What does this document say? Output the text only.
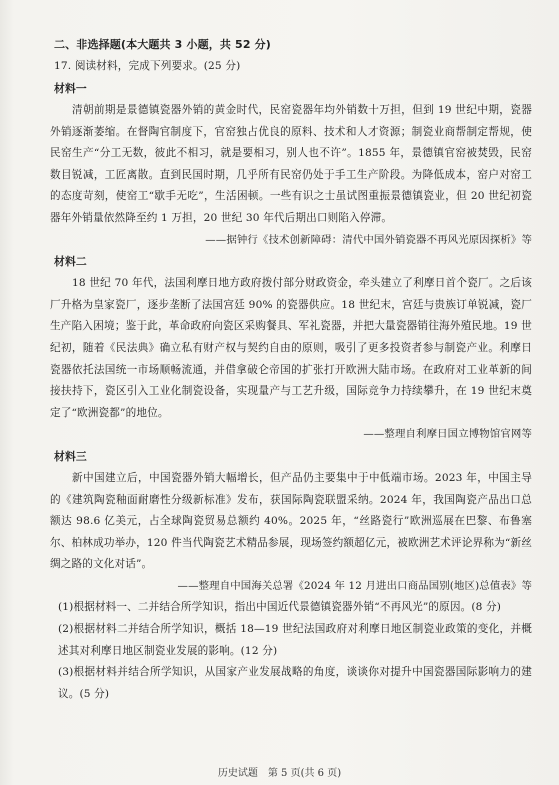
二、非选择题(本大题共 3 小题，共 52 分)
17. 阅读材料，完成下列要求。(25 分)
材料一

清朝前期是景德镇瓷器外销的黄金时代，民窑瓷器年均外销数十万担，但到 19 世纪中期，瓷器外销逐渐萎缩。在督陶官制度下，官窑独占优良的原料、技术和人才资源；制瓷业商帮制定帮规，使民窑生产“分工无数，彼此不相习，就是要相习，别人也不许”。1855 年，景德镇官窑被焚毁，民窑数目锐减，工匠离散。直到民国时期，几乎所有民窑仍处于手工生产阶段。为降低成本，窑户对窑工的态度苛刻，使窑工“歇手无吃”，生活困顿。一些有识之士虽试图重振景德镇瓷业，但 20 世纪初瓷器年外销量依然降至约 1 万担，20 世纪 30 年代后期出口则陷入停滞。

——据钟行《技术创新障碍：清代中国外销瓷器不再风光原因探析》等

材料二

18 世纪 70 年代，法国利摩日地方政府拨付部分财政资金，牵头建立了利摩日首个瓷厂。之后该厂升格为皇家瓷厂，逐步垄断了法国宫廷 90% 的瓷器供应。18 世纪末，宫廷与贵族订单锐减，瓷厂生产陷入困境；鉴于此，革命政府向瓷区采购餐具、军礼瓷器，并把大量瓷器销往海外殖民地。19 世纪初，随着《民法典》确立私有财产权与契约自由的原则，吸引了更多投资者参与制瓷产业。利摩日瓷器依托法国统一市场顺畅流通，并借拿破仑帝国的扩张打开欧洲大陆市场。在政府对工业革新的间接扶持下，瓷区引入工业化制瓷设备，实现量产与工艺升级，国际竞争力持续攀升，在 19 世纪末奠定了“欧洲瓷都”的地位。

——整理自利摩日国立博物馆官网等

材料三

新中国建立后，中国瓷器外销大幅增长，但产品仍主要集中于中低端市场。2023 年，中国主导的《建筑陶瓷釉面耐磨性分级新标准》发布，获国际陶瓷联盟采纳。2024 年，我国陶瓷产品出口总额达 98.6 亿美元，占全球陶瓷贸易总额约 40%。2025 年，“丝路瓷行”欧洲巡展在巴黎、布鲁塞尔、柏林成功举办，120 件当代陶瓷艺术精品参展，现场签约额超亿元，被欧洲艺术评论界称为“新丝绸之路的文化对话”。

——整理自中国海关总署《2024 年 12 月进出口商品国别(地区)总值表》等

(1)根据材料一、二并结合所学知识，指出中国近代景德镇瓷器外销“不再风光”的原因。(8 分)

(2)根据材料二并结合所学知识，概括 18—19 世纪法国政府对利摩日地区制瓷业政策的变化，并概述其对利摩日地区制瓷业发展的影响。(12 分)

(3)根据材料并结合所学知识，从国家产业发展战略的角度，谈谈你对提升中国瓷器国际影响力的建议。(5 分)

历史试题　第 5 页(共 6 页)
